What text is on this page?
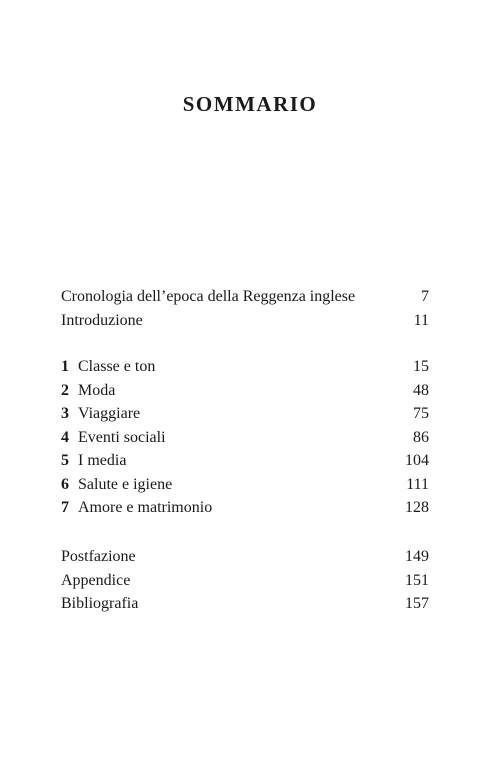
SOMMARIO
Cronologia dell’epoca della Reggenza inglese	7
Introduzione	11
1 Classe e ton	15
2 Moda	48
3 Viaggiare	75
4 Eventi sociali	86
5 I media	104
6 Salute e igiene	111
7 Amore e matrimonio	128
Postfazione	149
Appendice	151
Bibliografia	157
